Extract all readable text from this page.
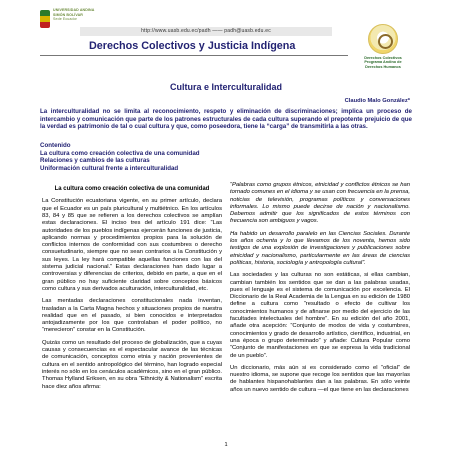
UNIVERSIDAD ANDINA
SIMÓN BOLÍVAR
Sede Ecuador
http://www.uasb.edu.ec/padh —— padh@uasb.edu.ec
Derechos Colectivos y Justicia Indígena
Derechos Colectivos Programa Andino de Derechos Humanos
Cultura e Interculturalidad
Claudio Malo González*
La interculturalidad no se limita al reconocimiento, respeto y eliminación de discriminaciones; implica un proceso de intercambio y comunicación que parte de los patrones estructurales de cada cultura superando el prepotente prejuicio de que la verdad es patrimonio de tal o cual cultura y que, como poseedora, tiene la “carga” de transmitirla a las otras.
Contenido
La cultura como creación colectiva de una comunidad
Relaciones y cambios de las culturas
Uniformación cultural frente a interculturalidad
La cultura como creación colectiva de una comunidad

La Constitución ecuatoriana vigente, en su primer artículo, declara que el Ecuador es un país pluricultural y multiétnico. En los artículos 83, 84 y 85 que se refieren a los derechos colectivos se amplían estas declaraciones. El inciso tres del artículo 191 dice: “Las autoridades de los pueblos indígenas ejercerán funciones de justicia, aplicando normas y procedimientos propios para la solución de conflictos internos de conformidad con sus costumbres o derecho consuetudinario, siempre que no sean contrarios a la Constitución y sus leyes. La ley hará compatible aquellas funciones con las del sistema judicial nacional.” Estas declaraciones han dado lugar a controversias y diferencias de criterios, debido en parte, a que en el gran público no hay suficiente claridad sobre conceptos básicos como cultura y sus derivados aculturación, interculturalidad, etc.

Las mentadas declaraciones constitucionales nada inventan, trasladan a la Carta Magna hechos y situaciones propios de nuestra realidad que en el pasado, si bien conocidos e interpretados antojadizamente por los que controlaban el poder político, no “merecieron” constar en la Constitución.

Quizás como un resultado del proceso de globalización, que a cuyas causas y consecuencias es el espectacular avance de las técnicas de comunicación, conceptos como etnia y nación provenientes de cultura en el sentido antropológico del término, han logrado especial interés no sólo en los cenáculos académicos, sino en el gran público. Thomas Hylland Eriksen, en su obra “Ethnicity & Nationalism” escrita hace diez años afirma:

“Palabras como grupos étnicos, etnicidad y conflictos étnicos se han tornado comunes en el idioma y se usan con frecuencia en la prensa, noticias de televisión, programas políticos y conversaciones informales. Lo mismo puede decirse de nación y nacionalismo. Debemos admitir que los significados de estos términos con frecuencia son ambiguos y vagos.

Ha habido un desarrollo paralelo en las Ciencias Sociales. Durante los años ochenta y lo que llevamos de los noventa, hemos sido testigos de una explosión de investigaciones y publicaciones sobre etnicidad y nacionalismo, particularmente en las áreas de ciencias políticas, historia, sociología y antropología cultural”.

Las sociedades y las culturas no son estáticas, si ellas cambian, cambian también los sentidos que se dan a las palabras usadas, pues el lenguaje es el sistema de comunicación por excelencia. El Diccionario de la Real Academia de la Lengua en su edición de 1980 define a cultura como “resultado o efecto de cultivar los conocimientos humanos y de afinarse por medio del ejercicio de las facultades intelectuales del hombre”. En su edición del año 2001, añade otra acepción: “Conjunto de modos de vida y costumbres, conocimientos y grado de desarrollo artístico, científico, industrial, en una época o grupo determinado” y añade: Cultura Popular como “Conjunto de manifestaciones en que se expresa la vida tradicional de un pueblo”.

Un diccionario, más aún si es considerado como el “oficial” de nuestro idioma, se supone que recoge los sentidos que las mayorías de hablantes hispanohablantes dan a las palabras. En sólo veinte años un nuevo sentido de cultura —el que tiene en las declaraciones

1
